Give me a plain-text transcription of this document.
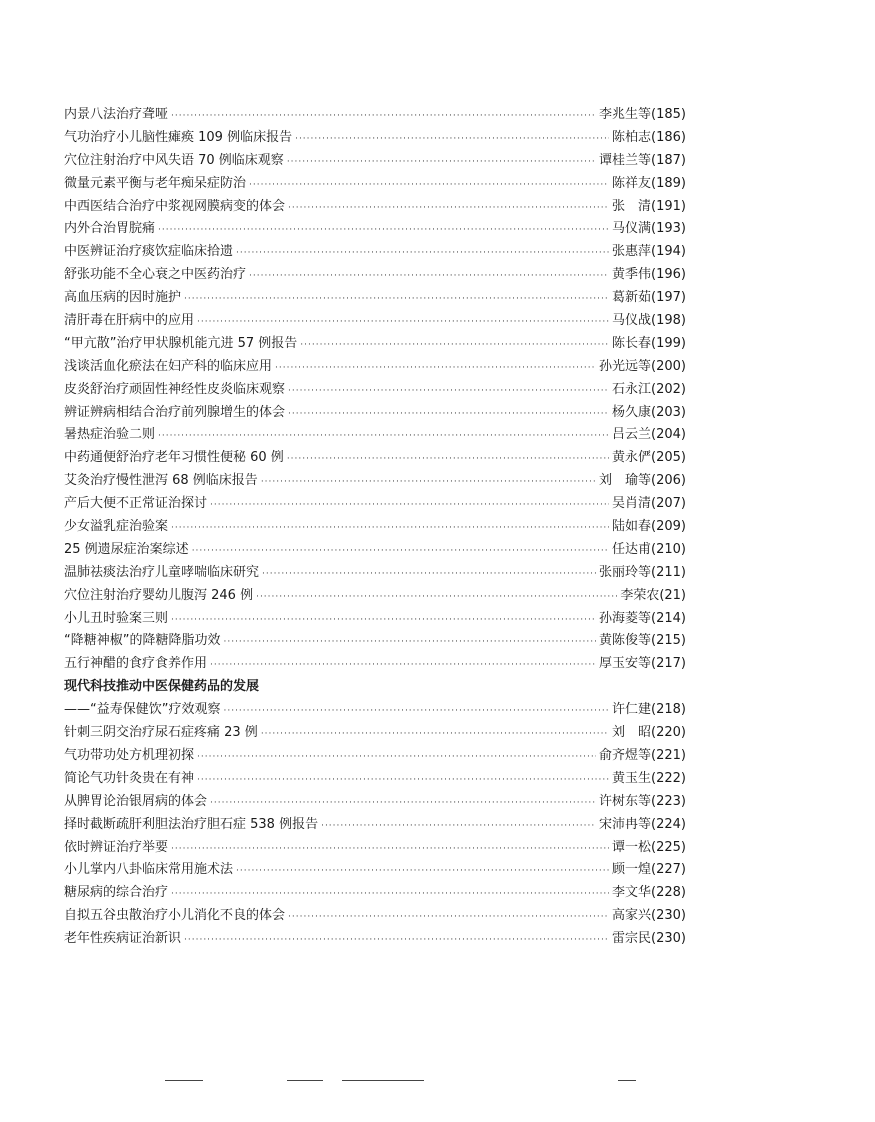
内景八法治疗聋哑 ·····	李兆生等(185)
气功治疗小儿脑性瘫痪 109 例临床报告 ·····	陈柏志(186)
穴位注射治疗中风失语 70 例临床观察 ·····	谭桂兰等(187)
微量元素平衡与老年痴呆症防治 ·····	陈祥友(189)
中西医结合治疗中浆视网膜病变的体会 ·····	张　清(191)
内外合治胃脘痛 ·····	马仪满(193)
中医辨证治疗痰饮症临床拾遗 ·····	张惠萍(194)
舒张功能不全心衰之中医药治疗 ·····	黄季伟(196)
高血压病的因时施护 ·····	葛新茹(197)
清肝毒在肝病中的应用 ·····	马仪战(198)
“甲亢散”治疗甲状腺机能亢进 57 例报告 ·····	陈长春(199)
浅谈活血化瘀法在妇产科的临床应用 ·····	孙光远等(200)
皮炎舒治疗顽固性神经性皮炎临床观察 ·····	石永江(202)
辨证辨病相结合治疗前列腺增生的体会 ·····	杨久康(203)
暑热症治验二则 ·····	吕云兰(204)
中药通便舒治疗老年习惯性便秘 60 例 ·····	黄永俨(205)
艾灸治疗慢性泄泻 68 例临床报告 ·····	刘　瑜等(206)
产后大便不正常证治探讨 ·····	吴肖清(207)
少女溢乳症治验案 ·····	陆如春(209)
25 例遗尿症治案综述 ·····	任达甫(210)
温肺祛痰法治疗儿童哮喘临床研究 ·····	张丽玲等(211)
穴位注射治疗婴幼儿腹泻 246 例 ·····	李荣农(21)
小儿丑时验案三则 ·····	孙海菱等(214)
“降糖神椒”的降糖降脂功效 ·····	黄陈俊等(215)
五行神醋的食疗食养作用 ·····	厚玉安等(217)
现代科技推动中医保健药品的发展
——“益寿保健饮”疗效观察 ·····	许仁建(218)
针刺三阴交治疗尿石症疼痛 23 例 ·····	刘　昭(220)
气功带功处方机理初探 ·····	俞齐煜等(221)
简论气功针灸贵在有神 ·····	黄玉生(222)
从脾胃论治银屑病的体会 ·····	许树东等(223)
择时截断疏肝利胆法治疗胆石症 538 例报告 ·····	宋沛冉等(224)
依时辨证治疗举要 ·····	谭一松(225)
小儿掌内八卦临床常用施术法 ·····	顾一煌(227)
糖尿病的综合治疗 ·····	李文华(228)
自拟五谷虫散治疗小儿消化不良的体会 ·····	高家兴(230)
老年性疾病证治新识 ·····	雷宗民(230)
